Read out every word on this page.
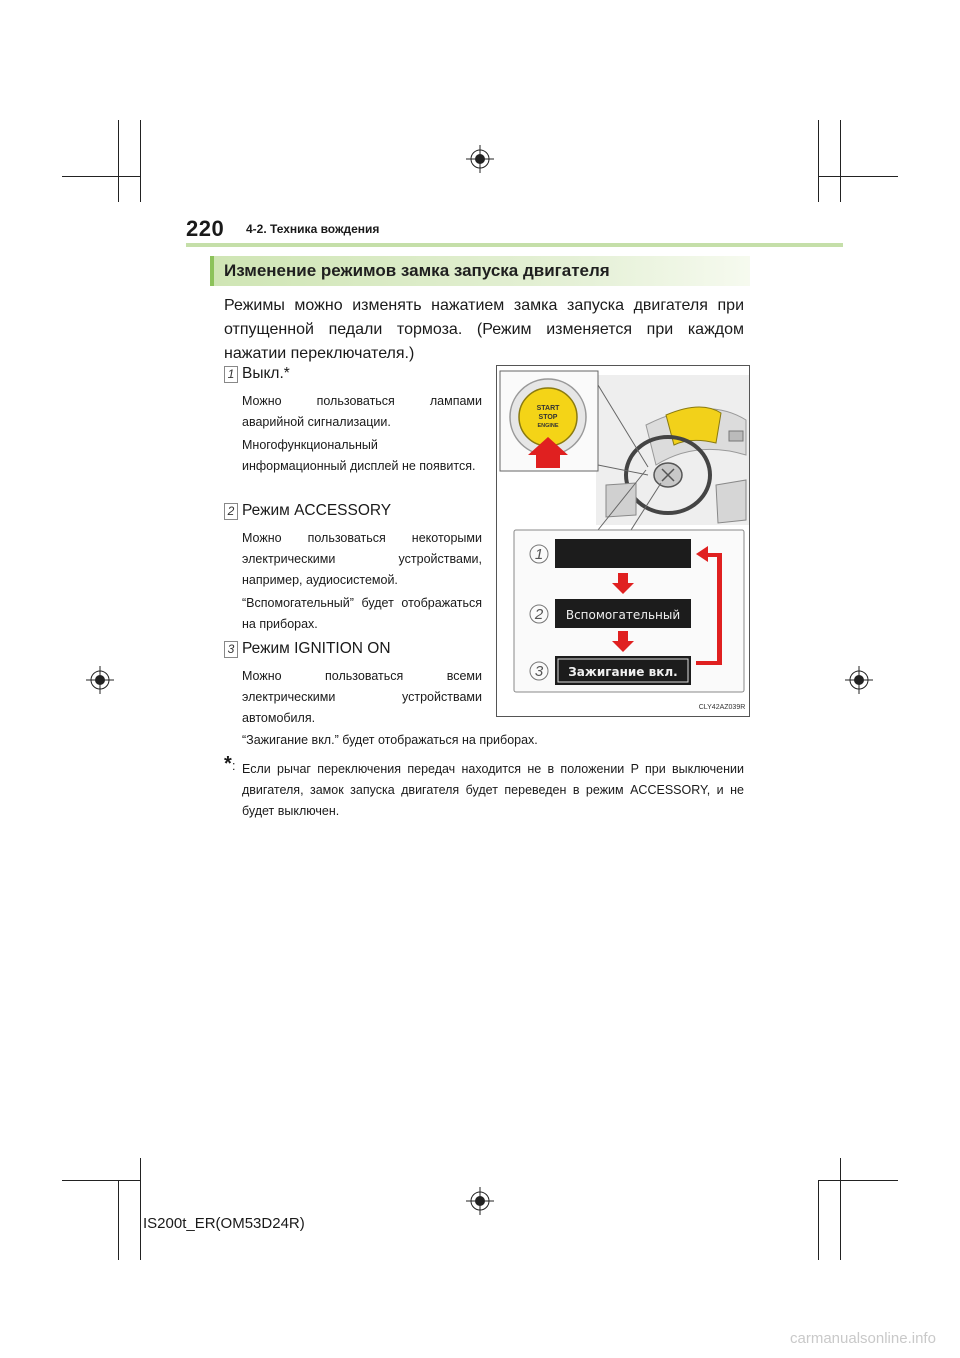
220 4-2. Техника вождения
Изменение режимов замка запуска двигателя
Режимы можно изменять нажатием замка запуска двигателя при отпущенной педали тормоза. (Режим изменяется при каждом нажатии переключателя.)
1 Выкл.*
Можно пользоваться лампами аварийной сигнализации.
Многофункциональный информационный дисплей не появится.
2 Режим ACCESSORY
Можно пользоваться некоторыми электрическими устройствами, например, аудиосистемой.
“Вспомогательный” будет отображаться на приборах.
3 Режим IGNITION ON
Можно пользоваться всеми электрическими устройствами автомобиля.
START
STOP
ENGINE
Вспомогательный
Зажигание вкл.
1
2
3
CLY42AZ039R
“Зажигание вкл.” будет отображаться на приборах.
* : Если рычаг переключения передач находится не в положении P при выключении двигателя, замок запуска двигателя будет переведен в режим ACCESSORY, и не будет выключен.
IS200t_ER(OM53D24R)
carmanualsonline.info
